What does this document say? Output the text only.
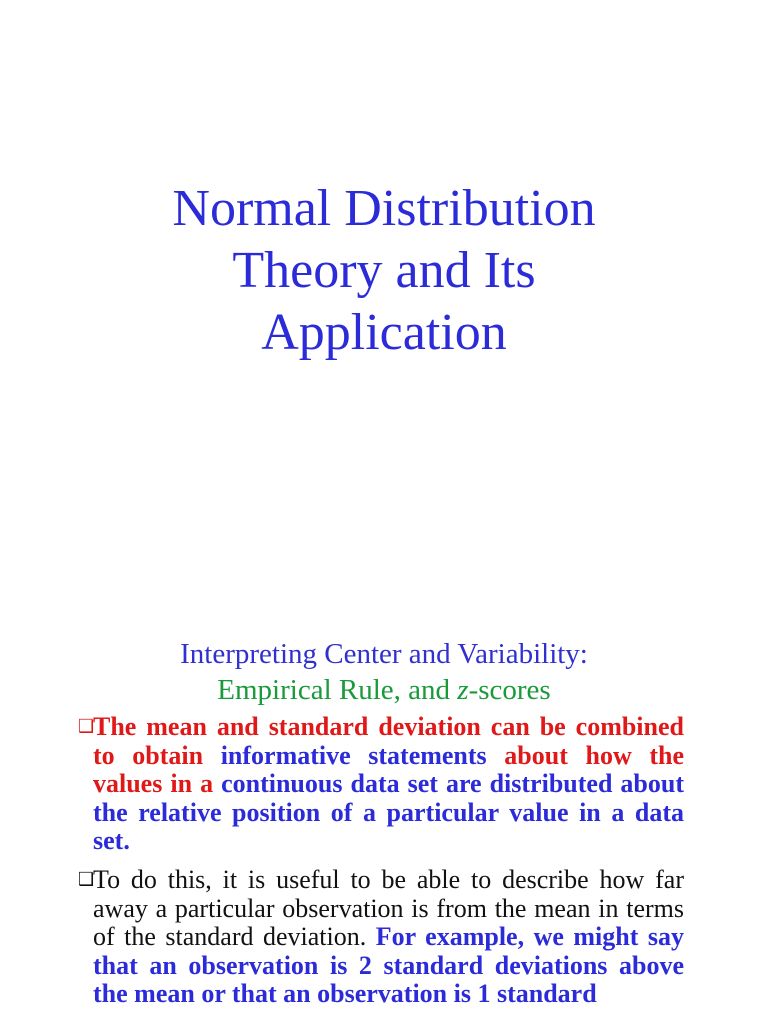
Normal Distribution
Theory and Its
Application
Interpreting Center and Variability:
Empirical Rule, and z-scores
❑
The mean and standard deviation can be combined to obtain informative statements about how the values in a continuous data set are distributed about the relative position of a particular value in a data set.
❑
To do this, it is useful to be able to describe how far away a particular observation is from the mean in terms of the standard deviation. For example, we might say that an observation is 2 standard deviations above the mean or that an observation is 1 standard
